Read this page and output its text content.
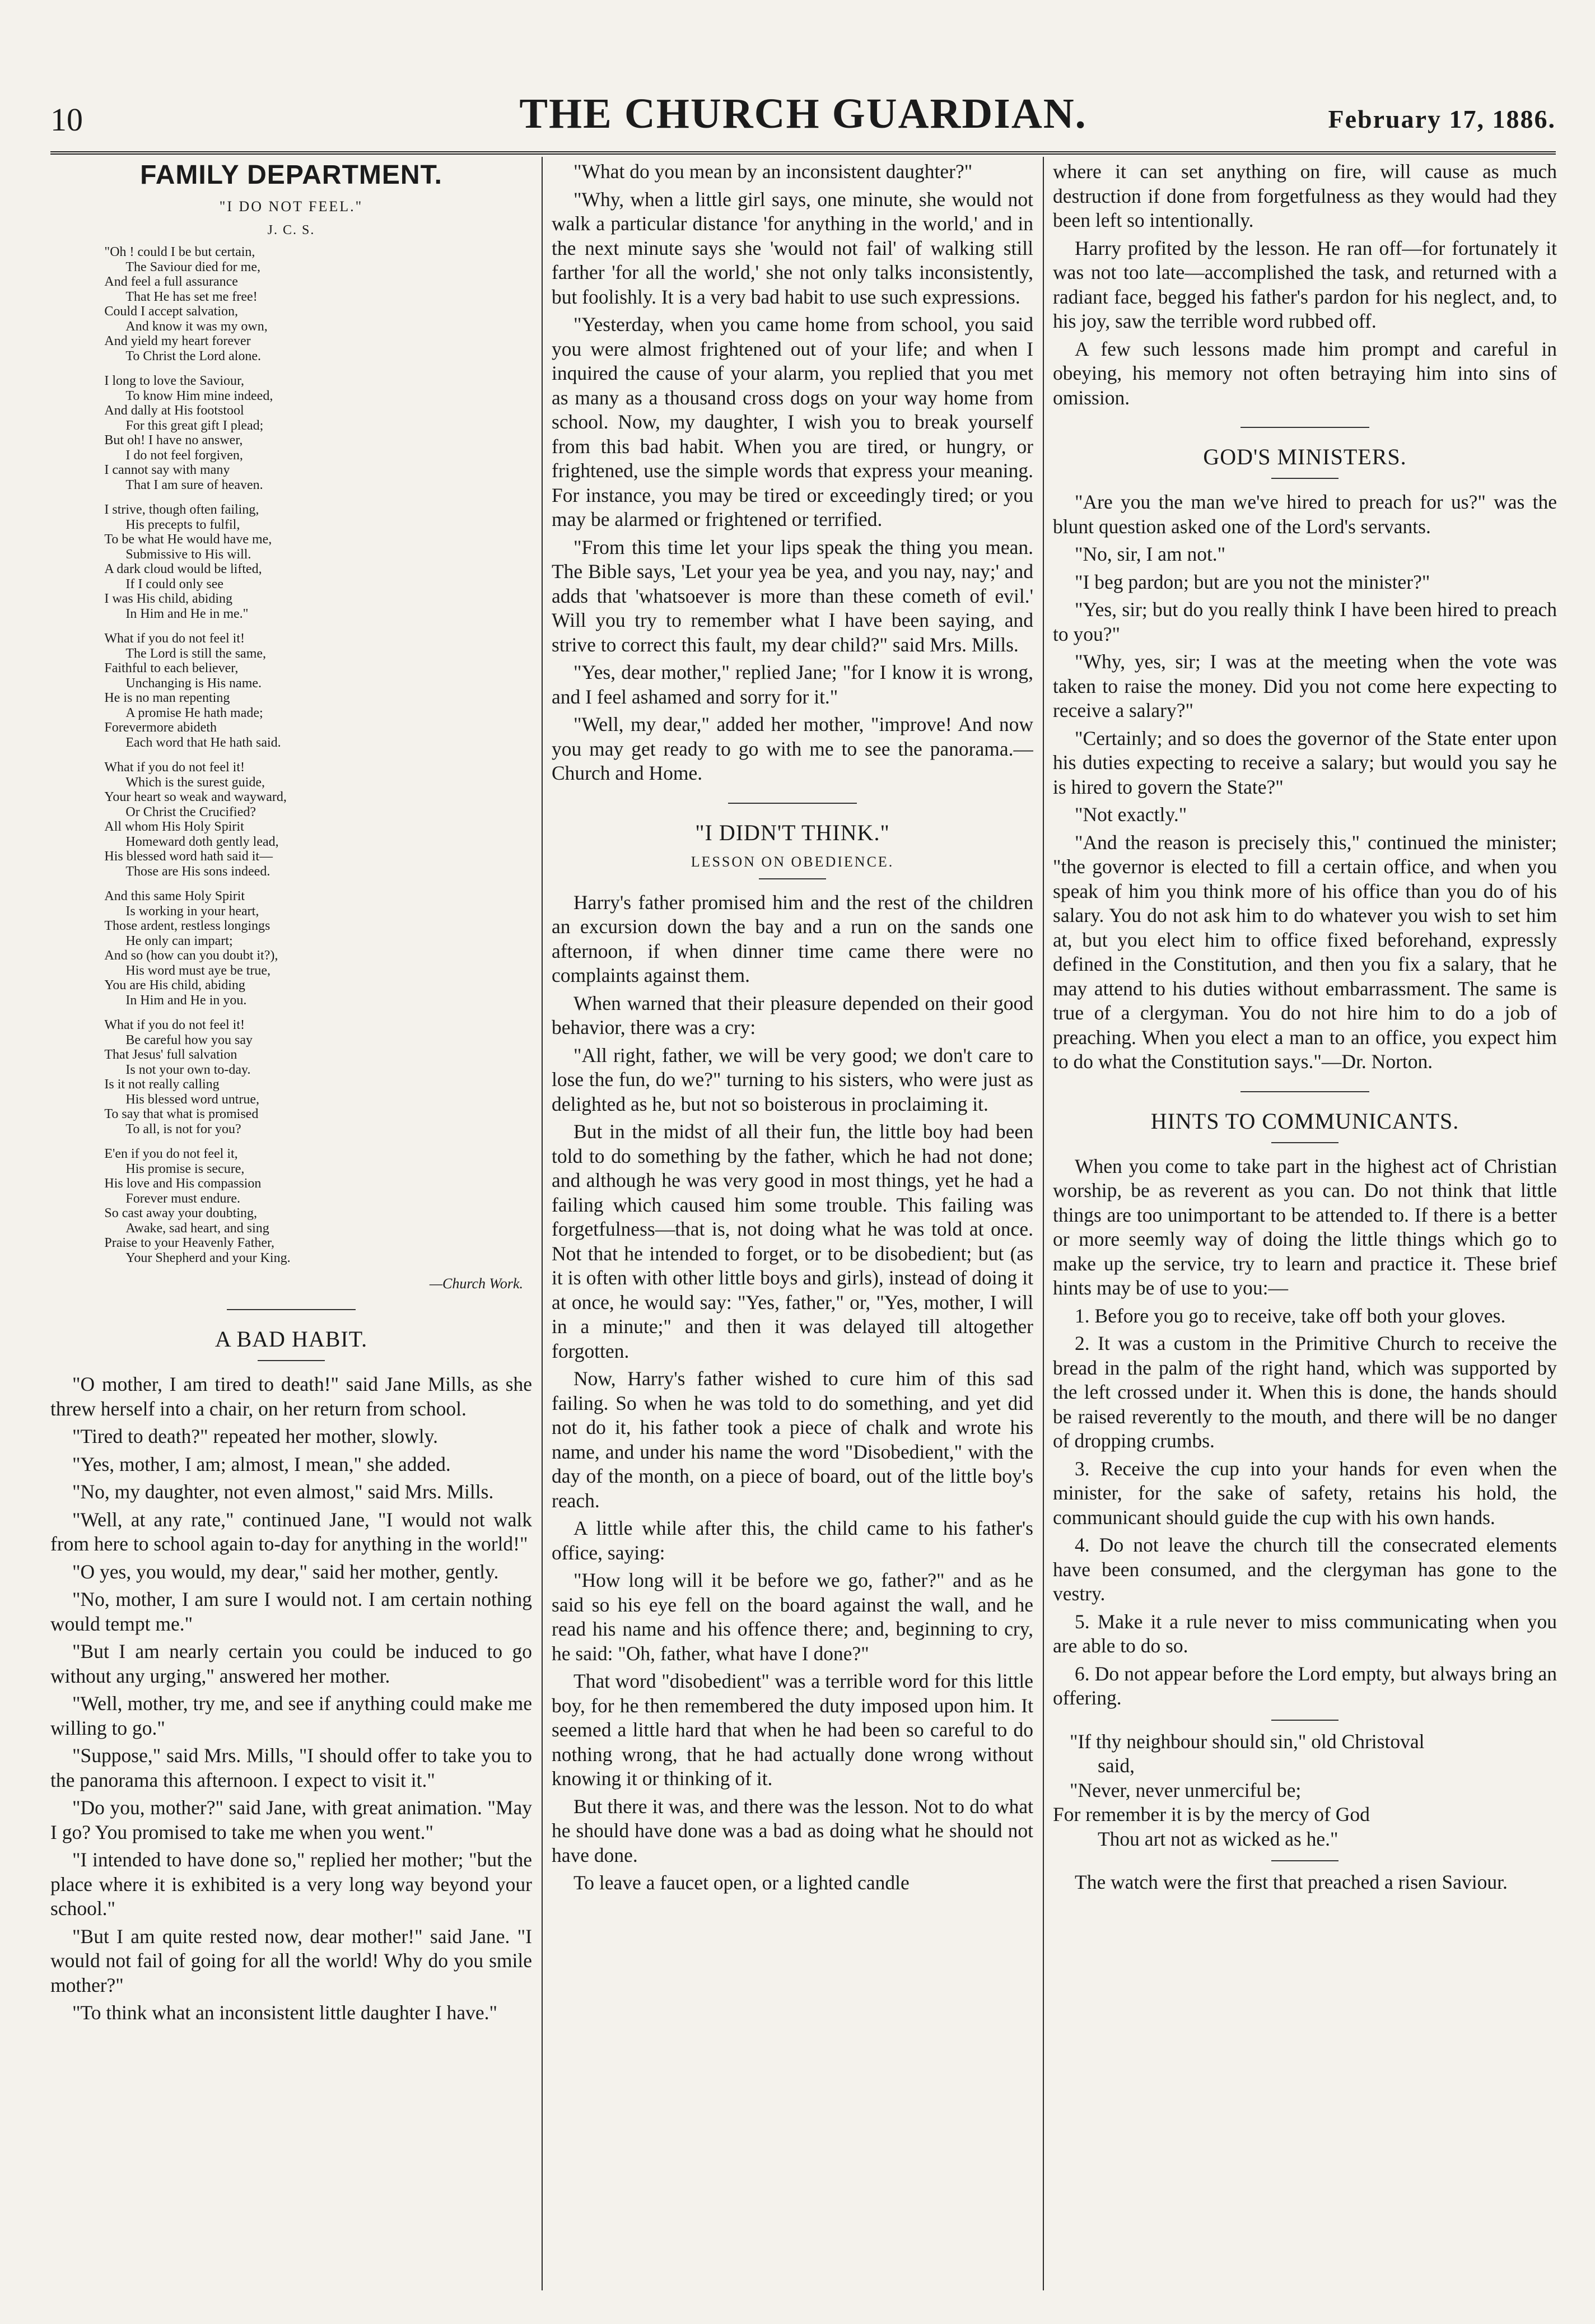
10	THE CHURCH GUARDIAN.	February 17, 1886.
FAMILY DEPARTMENT.
"I DO NOT FEEL."
J. C. S.

"Oh ! could I be but certain,

The Saviour died for me,

And feel a full assurance

That He has set me free!

Could I accept salvation,

And know it was my own,

And yield my heart forever

To Christ the Lord alone.

I long to love the Saviour,

To know Him mine indeed,

And dally at His footstool

For this great gift I plead;

But oh! I have no answer,

I do not feel forgiven,

I cannot say with many

That I am sure of heaven.

I strive, though often failing,

His precepts to fulfil,

To be what He would have me,

Submissive to His will.

A dark cloud would be lifted,

If I could only see

I was His child, abiding

In Him and He in me."

What if you do not feel it!

The Lord is still the same,

Faithful to each believer,

Unchanging is His name.

He is no man repenting

A promise He hath made;

Forevermore abideth

Each word that He hath said.

What if you do not feel it!

Which is the surest guide,

Your heart so weak and wayward,

Or Christ the Crucified?

All whom His Holy Spirit

Homeward doth gently lead,

His blessed word hath said it—

Those are His sons indeed.

And this same Holy Spirit

Is working in your heart,

Those ardent, restless longings

He only can impart;

And so (how can you doubt it?),

His word must aye be true,

You are His child, abiding

In Him and He in you.

What if you do not feel it!

Be careful how you say

That Jesus' full salvation

Is not your own to-day.

Is it not really calling

His blessed word untrue,

To say that what is promised

To all, is not for you?

E'en if you do not feel it,

His promise is secure,

His love and His compassion

Forever must endure.

So cast away your doubting,

Awake, sad heart, and sing

Praise to your Heavenly Father,

Your Shepherd and your King.

—Church Work.
A BAD HABIT.

"O mother, I am tired to death!" said Jane Mills, as she threw herself into a chair, on her return from school.

"Tired to death?" repeated her mother, slowly.

"Yes, mother, I am; almost, I mean," she added.

"No, my daughter, not even almost," said Mrs. Mills.

"Well, at any rate," continued Jane, "I would not walk from here to school again to-day for anything in the world!"

"O yes, you would, my dear," said her mother, gently.

"No, mother, I am sure I would not. I am certain nothing would tempt me."

"But I am nearly certain you could be induced to go without any urging," answered her mother.

"Well, mother, try me, and see if anything could make me willing to go."

"Suppose," said Mrs. Mills, "I should offer to take you to the panorama this afternoon. I expect to visit it."

"Do you, mother?" said Jane, with great animation. "May I go? You promised to take me when you went."

"I intended to have done so," replied her mother; "but the place where it is exhibited is a very long way beyond your school."

"But I am quite rested now, dear mother!" said Jane. "I would not fail of going for all the world! Why do you smile mother?"

"To think what an inconsistent little daughter I have."

"What do you mean by an inconsistent daughter?"

"Why, when a little girl says, one minute, she would not walk a particular distance 'for anything in the world,' and in the next minute says she 'would not fail' of walking still farther 'for all the world,' she not only talks inconsistently, but foolishly. It is a very bad habit to use such expressions.

"Yesterday, when you came home from school, you said you were almost frightened out of your life; and when I inquired the cause of your alarm, you replied that you met as many as a thousand cross dogs on your way home from school. Now, my daughter, I wish you to break yourself from this bad habit. When you are tired, or hungry, or frightened, use the simple words that express your meaning. For instance, you may be tired or exceedingly tired; or you may be alarmed or frightened or terrified.

"From this time let your lips speak the thing you mean. The Bible says, 'Let your yea be yea, and you nay, nay;' and adds that 'whatsoever is more than these cometh of evil.' Will you try to remember what I have been saying, and strive to correct this fault, my dear child?" said Mrs. Mills.

"Yes, dear mother," replied Jane; "for I know it is wrong, and I feel ashamed and sorry for it."

"Well, my dear," added her mother, "improve! And now you may get ready to go with me to see the panorama.—Church and Home.

"I DIDN'T THINK."
LESSON ON OBEDIENCE.

Harry's father promised him and the rest of the children an excursion down the bay and a run on the sands one afternoon, if when dinner time came there were no complaints against them.

When warned that their pleasure depended on their good behavior, there was a cry:

"All right, father, we will be very good; we don't care to lose the fun, do we?" turning to his sisters, who were just as delighted as he, but not so boisterous in proclaiming it.

But in the midst of all their fun, the little boy had been told to do something by the father, which he had not done; and although he was very good in most things, yet he had a failing which caused him some trouble. This failing was forgetfulness—that is, not doing what he was told at once. Not that he intended to forget, or to be disobedient; but (as it is often with other little boys and girls), instead of doing it at once, he would say: "Yes, father," or, "Yes, mother, I will in a minute;" and then it was delayed till altogether forgotten.

Now, Harry's father wished to cure him of this sad failing. So when he was told to do something, and yet did not do it, his father took a piece of chalk and wrote his name, and under his name the word "Disobedient," with the day of the month, on a piece of board, out of the little boy's reach.

A little while after this, the child came to his father's office, saying:

"How long will it be before we go, father?" and as he said so his eye fell on the board against the wall, and he read his name and his offence there; and, beginning to cry, he said: "Oh, father, what have I done?"

That word "disobedient" was a terrible word for this little boy, for he then remembered the duty imposed upon him. It seemed a little hard that when he had been so careful to do nothing wrong, that he had actually done wrong without knowing it or thinking of it.

But there it was, and there was the lesson. Not to do what he should have done was a bad as doing what he should not have done.

To leave a faucet open, or a lighted candle

where it can set anything on fire, will cause as much destruction if done from forgetfulness as they would had they been left so intentionally.

Harry profited by the lesson. He ran off—for fortunately it was not too late—accomplished the task, and returned with a radiant face, begged his father's pardon for his neglect, and, to his joy, saw the terrible word rubbed off.

A few such lessons made him prompt and careful in obeying, his memory not often betraying him into sins of omission.

GOD'S MINISTERS.

"Are you the man we've hired to preach for us?" was the blunt question asked one of the Lord's servants.

"No, sir, I am not."

"I beg pardon; but are you not the minister?"

"Yes, sir; but do you really think I have been hired to preach to you?"

"Why, yes, sir; I was at the meeting when the vote was taken to raise the money. Did you not come here expecting to receive a salary?"

"Certainly; and so does the governor of the State enter upon his duties expecting to receive a salary; but would you say he is hired to govern the State?"

"Not exactly."

"And the reason is precisely this," continued the minister; "the governor is elected to fill a certain office, and when you speak of him you think more of his office than you do of his salary. You do not ask him to do whatever you wish to set him at, but you elect him to office fixed beforehand, expressly defined in the Constitution, and then you fix a salary, that he may attend to his duties without embarrassment. The same is true of a clergyman. You do not hire him to do a job of preaching. When you elect a man to an office, you expect him to do what the Constitution says."—Dr. Norton.

HINTS TO COMMUNICANTS.

When you come to take part in the highest act of Christian worship, be as reverent as you can. Do not think that little things are too unimportant to be attended to. If there is a better or more seemly way of doing the little things which go to make up the service, try to learn and practice it. These brief hints may be of use to you:—

1. Before you go to receive, take off both your gloves.

2. It was a custom in the Primitive Church to receive the bread in the palm of the right hand, which was supported by the left crossed under it. When this is done, the hands should be raised reverently to the mouth, and there will be no danger of dropping crumbs.

3. Receive the cup into your hands for even when the minister, for the sake of safety, retains his hold, the communicant should guide the cup with his own hands.

4. Do not leave the church till the consecrated elements have been consumed, and the clergyman has gone to the vestry.

5. Make it a rule never to miss communicating when you are able to do so.

6. Do not appear before the Lord empty, but always bring an offering.

"If thy neighbour should sin," old Christoval

said,

"Never, never unmerciful be;

For remember it is by the mercy of God

Thou art not as wicked as he."

The watch were the first that preached a risen Saviour.
